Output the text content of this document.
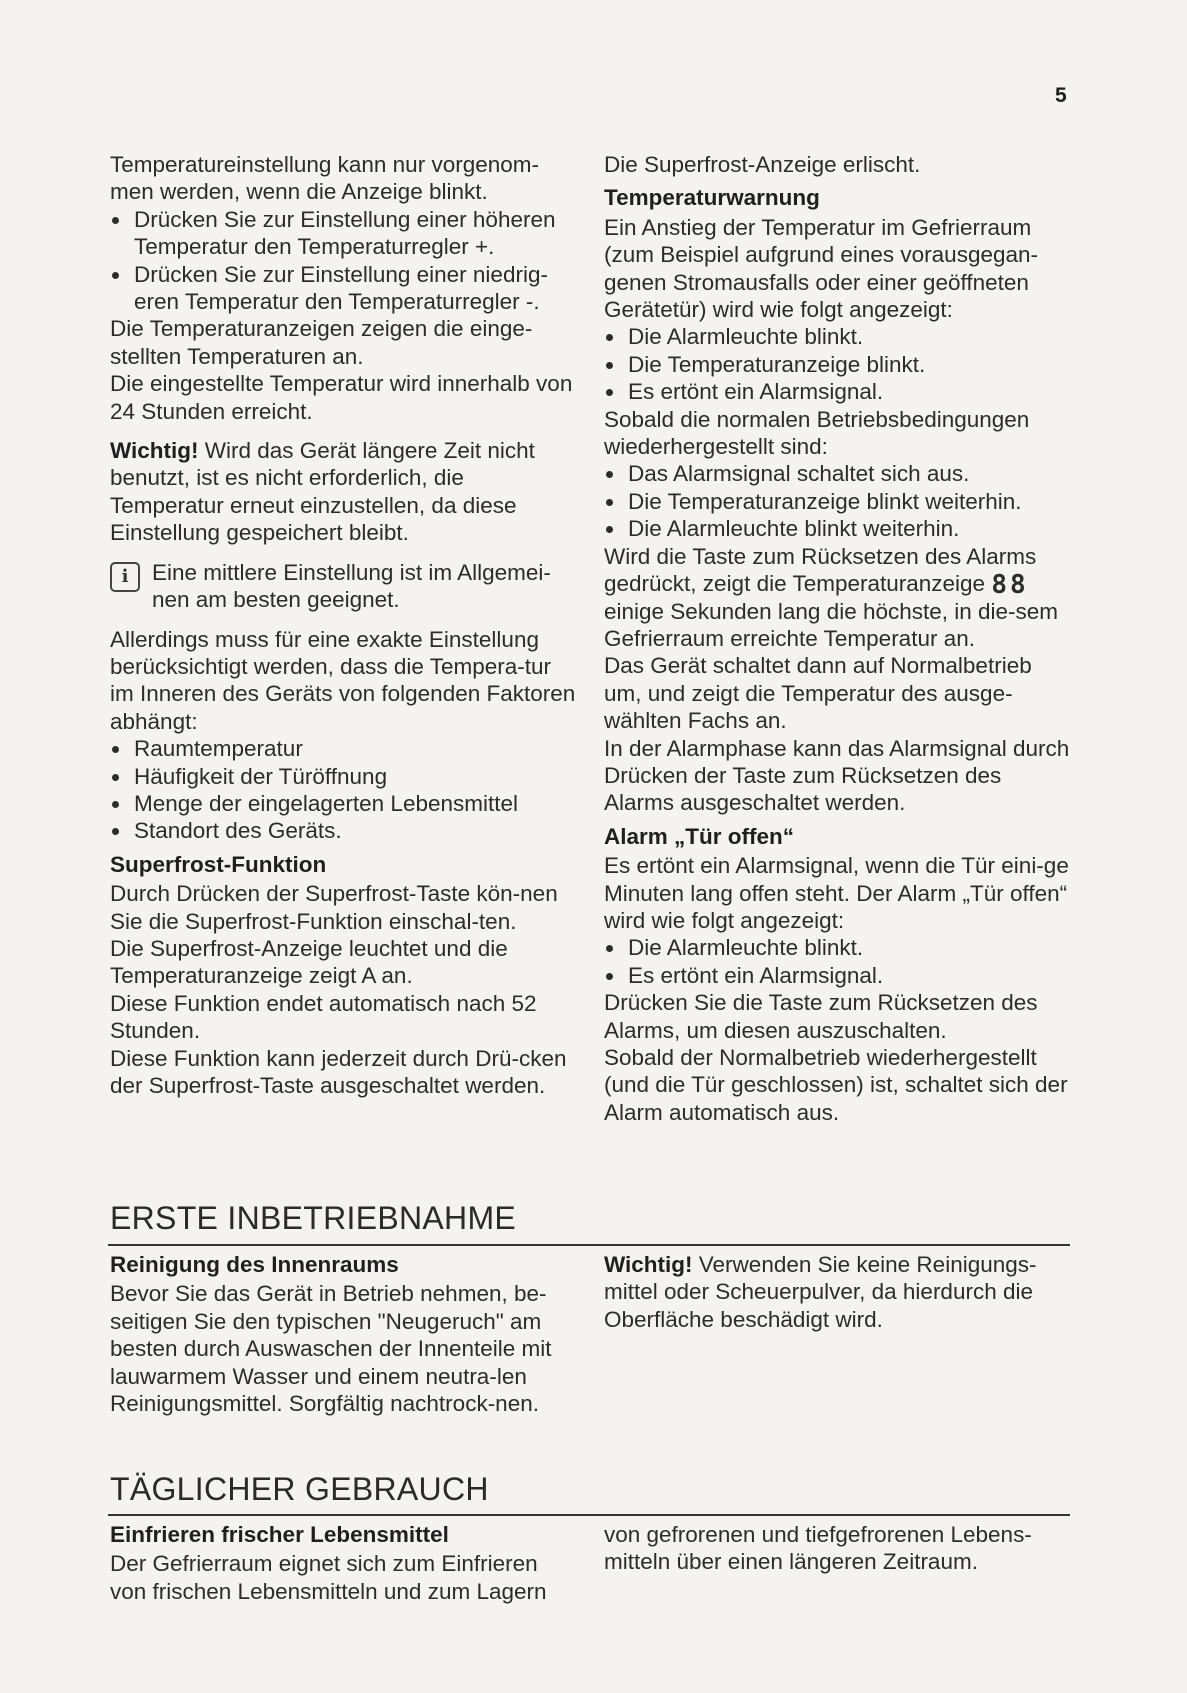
5

Temperatureinstellung kann nur vorgenom-men werden, wenn die Anzeige blinkt.

Drücken Sie zur Einstellung einer höheren Temperatur den Temperaturregler +.
Drücken Sie zur Einstellung einer niedrig-eren Temperatur den Temperaturregler -.

Die Temperaturanzeigen zeigen die einge-stellten Temperaturen an.

Die eingestellte Temperatur wird innerhalb von 24 Stunden erreicht.

Wichtig! Wird das Gerät längere Zeit nicht benutzt, ist es nicht erforderlich, die Temperatur erneut einzustellen, da diese Einstellung gespeichert bleibt.

i	Eine mittlere Einstellung ist im Allgemei-nen am besten geeignet.

Allerdings muss für eine exakte Einstellung berücksichtigt werden, dass die Tempera-tur im Inneren des Geräts von folgenden Faktoren abhängt:

Raumtemperatur
Häufigkeit der Türöffnung
Menge der eingelagerten Lebensmittel
Standort des Geräts.

Superfrost-Funktion

Durch Drücken der Superfrost-Taste kön-nen Sie die Superfrost-Funktion einschal-ten.

Die Superfrost-Anzeige leuchtet und die Temperaturanzeige zeigt A an.

Diese Funktion endet automatisch nach 52 Stunden.

Diese Funktion kann jederzeit durch Drü-cken der Superfrost-Taste ausgeschaltet werden.

Die Superfrost-Anzeige erlischt.

Temperaturwarnung

Ein Anstieg der Temperatur im Gefrierraum (zum Beispiel aufgrund eines vorausgegan-genen Stromausfalls oder einer geöffneten Gerätetür) wird wie folgt angezeigt:

Die Alarmleuchte blinkt.
Die Temperaturanzeige blinkt.
Es ertönt ein Alarmsignal.

Sobald die normalen Betriebsbedingungen wiederhergestellt sind:

Das Alarmsignal schaltet sich aus.
Die Temperaturanzeige blinkt weiterhin.
Die Alarmleuchte blinkt weiterhin.

Wird die Taste zum Rücksetzen des Alarms gedrückt, zeigt die Temperaturanzeige 88 einige Sekunden lang die höchste, in die-sem Gefrierraum erreichte Temperatur an.

Das Gerät schaltet dann auf Normalbetrieb um, und zeigt die Temperatur des ausge-wählten Fachs an.

In der Alarmphase kann das Alarmsignal durch Drücken der Taste zum Rücksetzen des Alarms ausgeschaltet werden.

Alarm „Tür offen“

Es ertönt ein Alarmsignal, wenn die Tür eini-ge Minuten lang offen steht. Der Alarm „Tür offen“ wird wie folgt angezeigt:

Die Alarmleuchte blinkt.
Es ertönt ein Alarmsignal.

Drücken Sie die Taste zum Rücksetzen des Alarms, um diesen auszuschalten.

Sobald der Normalbetrieb wiederhergestellt (und die Tür geschlossen) ist, schaltet sich der Alarm automatisch aus.

ERSTE INBETRIEBNAHME

Reinigung des Innenraums

Bevor Sie das Gerät in Betrieb nehmen, be-seitigen Sie den typischen "Neugeruch" am besten durch Auswaschen der Innenteile mit lauwarmem Wasser und einem neutra-len Reinigungsmittel. Sorgfältig nachtrock-nen.

Wichtig! Verwenden Sie keine Reinigungs-mittel oder Scheuerpulver, da hierdurch die Oberfläche beschädigt wird.

TÄGLICHER GEBRAUCH

Einfrieren frischer Lebensmittel

Der Gefrierraum eignet sich zum Einfrieren von frischen Lebensmitteln und zum Lagern

von gefrorenen und tiefgefrorenen Lebens-mitteln über einen längeren Zeitraum.
